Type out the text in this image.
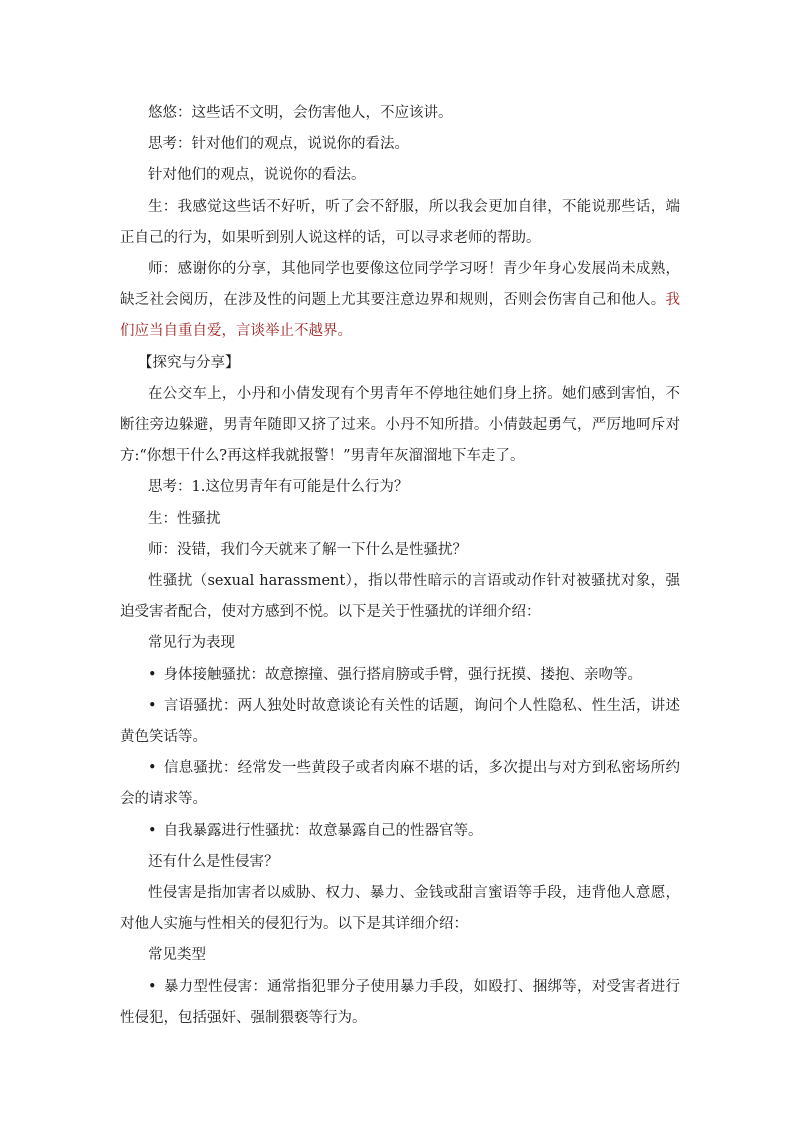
悠悠：这些话不文明，会伤害他人，不应该讲。

思考：针对他们的观点，说说你的看法。

针对他们的观点，说说你的看法。

生：我感觉这些话不好听，听了会不舒服，所以我会更加自律，不能说那些话，端正自己的行为，如果听到别人说这样的话，可以寻求老师的帮助。

师：感谢你的分享，其他同学也要像这位同学学习呀！青少年身心发展尚未成熟，缺乏社会阅历，在涉及性的问题上尤其要注意边界和规则，否则会伤害自己和他人。我们应当自重自爱，言谈举止不越界。

【探究与分享】

在公交车上，小丹和小倩发现有个男青年不停地往她们身上挤。她们感到害怕，不断往旁边躲避，男青年随即又挤了过来。小丹不知所措。小倩鼓起勇气，严厉地呵斥对方:“你想干什么?再这样我就报警！”男青年灰溜溜地下车走了。

思考：1.这位男青年有可能是什么行为？

生：性骚扰

师：没错，我们今天就来了解一下什么是性骚扰？

性骚扰（sexual harassment），指以带性暗示的言语或动作针对被骚扰对象，强迫受害者配合，使对方感到不悦。以下是关于性骚扰的详细介绍：

常见行为表现

• 身体接触骚扰：故意擦撞、强行搭肩膀或手臂，强行抚摸、搂抱、亲吻等。

• 言语骚扰：两人独处时故意谈论有关性的话题，询问个人性隐私、性生活，讲述黄色笑话等。

• 信息骚扰：经常发一些黄段子或者肉麻不堪的话，多次提出与对方到私密场所约会的请求等。

• 自我暴露进行性骚扰：故意暴露自己的性器官等。

还有什么是性侵害？

性侵害是指加害者以威胁、权力、暴力、金钱或甜言蜜语等手段，违背他人意愿，对他人实施与性相关的侵犯行为。以下是其详细介绍：

常见类型

• 暴力型性侵害：通常指犯罪分子使用暴力手段，如殴打、捆绑等，对受害者进行性侵犯，包括强奸、强制猥亵等行为。
